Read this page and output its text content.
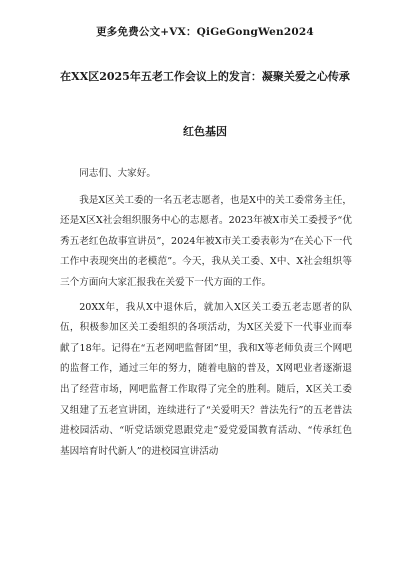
更多免费公文+VX：QiGeGongWen2024
在XX区2025年五老工作会议上的发言：凝聚关爱之心传承
红色基因

同志们、大家好。

我是X区关工委的一名五老志愿者，也是X中的关工委常务主任，还是X区X社会组织服务中心的志愿者。2023年被X市关工委授予“优秀五老红色故事宣讲员”，2024年被X市关工委表彰为“在关心下一代工作中表现突出的老模范”。今天，我从关工委、X中、X社会组织等三个方面向大家汇报我在关爱下一代方面的工作。

20XX年，我从X中退休后，就加入X区关工委五老志愿者的队伍，积极参加区关工委组织的各项活动，为X区关爱下一代事业而奉献了18年。记得在“五老网吧监督团”里，我和X等老师负责三个网吧的监督工作，通过三年的努力，随着电脑的普及，X网吧业者逐渐退出了经营市场，网吧监督工作取得了完全的胜利。随后，X区关工委又组建了五老宣讲团，连续进行了“关爱明天？普法先行”的五老普法进校园活动、“听党话颂党恩跟党走”爱党爱国教育活动、“传承红色基因培育时代新人”的进校园宣讲活动
